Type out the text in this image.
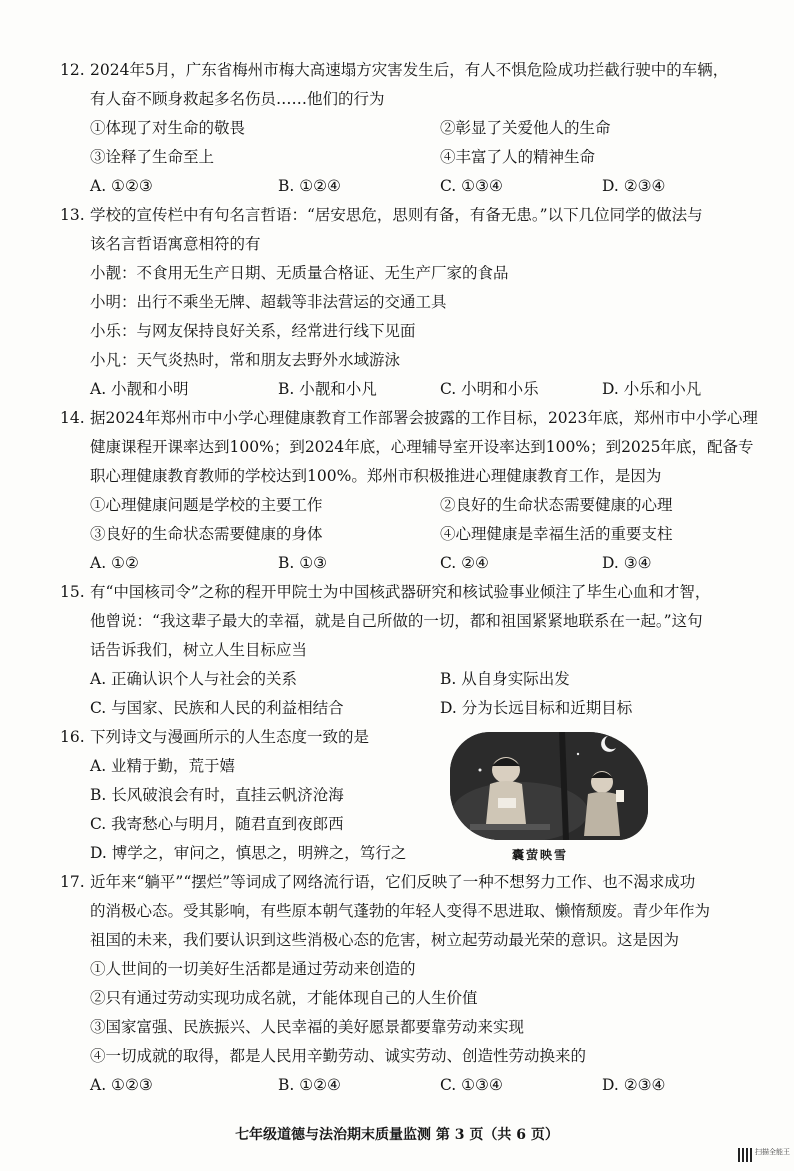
12. 2024年5月，广东省梅州市梅大高速塌方灾害发生后，有人不惧危险成功拦截行驶中的车辆，
有人奋不顾身救起多名伤员……他们的行为
①体现了对生命的敬畏	②彰显了关爱他人的生命
③诠释了生命至上	④丰富了人的精神生命
A. ①②③	B. ①②④	C. ①③④	D. ②③④
13. 学校的宣传栏中有句名言哲语：“居安思危，思则有备，有备无患。”以下几位同学的做法与
该名言哲语寓意相符的有
小靓：不食用无生产日期、无质量合格证、无生产厂家的食品
小明：出行不乘坐无牌、超载等非法营运的交通工具
小乐：与网友保持良好关系，经常进行线下见面
小凡：天气炎热时，常和朋友去野外水域游泳
A. 小靓和小明	B. 小靓和小凡	C. 小明和小乐	D. 小乐和小凡
14. 据2024年郑州市中小学心理健康教育工作部署会披露的工作目标，2023年底，郑州市中小学心理
健康课程开课率达到100%；到2024年底，心理辅导室开设率达到100%；到2025年底，配备专
职心理健康教育教师的学校达到100%。郑州市积极推进心理健康教育工作，是因为
①心理健康问题是学校的主要工作	②良好的生命状态需要健康的心理
③良好的生命状态需要健康的身体	④心理健康是幸福生活的重要支柱
A. ①②	B. ①③	C. ②④	D. ③④
15. 有“中国核司令”之称的程开甲院士为中国核武器研究和核试验事业倾注了毕生心血和才智，
他曾说：“我这辈子最大的幸福，就是自己所做的一切，都和祖国紧紧地联系在一起。”这句
话告诉我们，树立人生目标应当
A. 正确认识个人与社会的关系	B. 从自身实际出发
C. 与国家、民族和人民的利益相结合	D. 分为长远目标和近期目标
16. 下列诗文与漫画所示的人生态度一致的是
A. 业精于勤，荒于嬉
B. 长风破浪会有时，直挂云帆济沧海
C. 我寄愁心与明月，随君直到夜郎西
D. 博学之，审问之，慎思之，明辨之，笃行之	囊萤映雪
17. 近年来“躺平”“摆烂”等词成了网络流行语，它们反映了一种不想努力工作、也不渴求成功
的消极心态。受其影响，有些原本朝气蓬勃的年轻人变得不思进取、懒惰颓废。青少年作为
祖国的未来，我们要认识到这些消极心态的危害，树立起劳动最光荣的意识。这是因为
①人世间的一切美好生活都是通过劳动来创造的
②只有通过劳动实现功成名就，才能体现自己的人生价值
③国家富强、民族振兴、人民幸福的美好愿景都要靠劳动来实现
④一切成就的取得，都是人民用辛勤劳动、诚实劳动、创造性劳动换来的
A. ①②③	B. ①②④	C. ①③④	D. ②③④
七年级道德与法治期末质量监测 第 3 页（共 6 页）
扫描全能王
